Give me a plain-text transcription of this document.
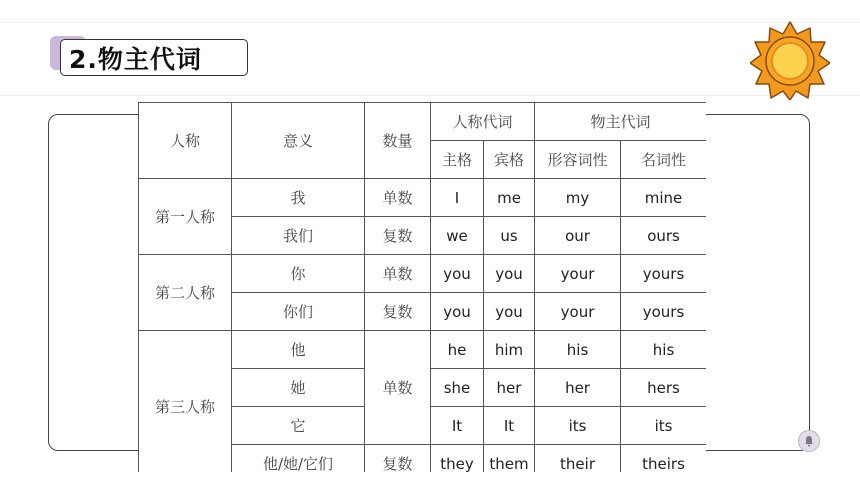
2.物主代词
人称	意义	数量	人称代词		物主代词	
			主格	宾格	形容词性	名词性
第一人称	我	单数	I	me	my	mine
	我们	复数	we	us	our	ours
第二人称	你	单数	you	you	your	yours
	你们	复数	you	you	your	yours
第三人称	他	单数	he	him	his	his
	她		she	her	her	hers
	它		It	It	its	its
	他/她/它们	复数	they	them	their	theirs
